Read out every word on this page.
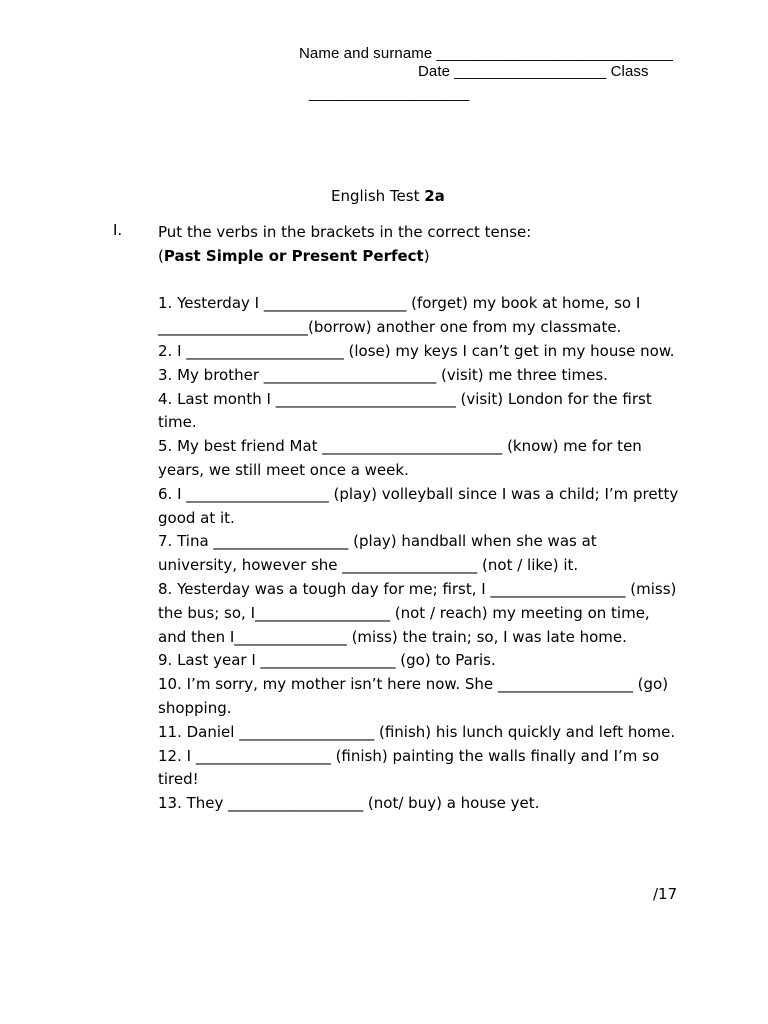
Name and surname ____________________________
Date __________________ Class
___________________
English Test 2a
I. Put the verbs in the brackets in the correct tense:
(Past Simple or Present Perfect)
1. Yesterday I ___________________ (forget) my book at home, so I
____________________(borrow) another one from my classmate.
2. I _____________________ (lose) my keys I can’t get in my house now.
3. My brother _______________________ (visit) me three times.
4. Last month I ________________________ (visit) London for the first
time.
5. My best friend Mat ________________________ (know) me for ten
years, we still meet once a week.
6. I ___________________ (play) volleyball since I was a child; I’m pretty
good at it.
7. Tina __________________ (play) handball when she was at
university, however she __________________ (not / like) it.
8. Yesterday was a tough day for me; first, I __________________ (miss)
the bus; so, I__________________ (not / reach) my meeting on time,
and then I_______________ (miss) the train; so, I was late home.
9. Last year I __________________ (go) to Paris.
10. I’m sorry, my mother isn’t here now. She __________________ (go)
shopping.
11. Daniel __________________ (finish) his lunch quickly and left home.
12. I __________________ (finish) painting the walls finally and I’m so
tired!
13. They __________________ (not/ buy) a house yet.
/17
